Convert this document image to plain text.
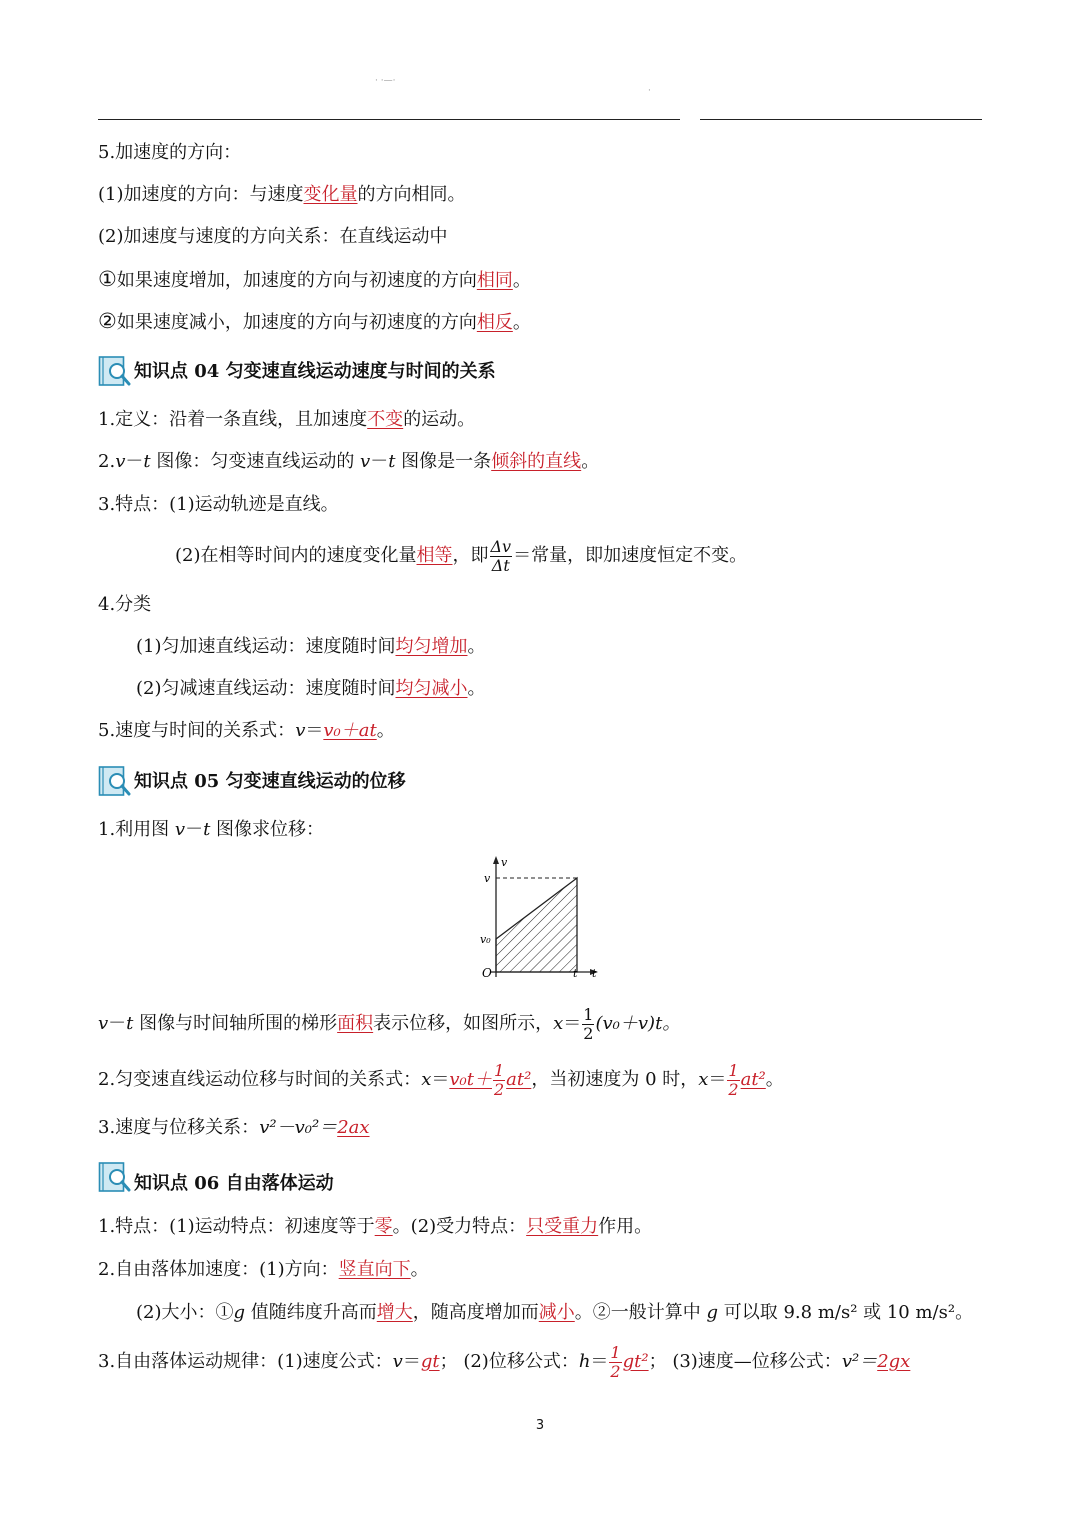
· ·—·
·
5.加速度的方向：
(1)加速度的方向：与速度变化量的方向相同。
(2)加速度与速度的方向关系：在直线运动中
①如果速度增加，加速度的方向与初速度的方向相同。
②如果速度减小，加速度的方向与初速度的方向相反。
知识点 04 匀变速直线运动速度与时间的关系
1.定义：沿着一条直线，且加速度不变的运动。
2.v－t 图像：匀变速直线运动的 v－t 图像是一条倾斜的直线。
3.特点：(1)运动轨迹是直线。
(2)在相等时间内的速度变化量相等，即 $\frac{\Delta v}{\Delta t}$ ＝常量，即加速度恒定不变。
4.分类
(1)匀加速直线运动：速度随时间均匀增加。
(2)匀减速直线运动：速度随时间均匀减小。
5.速度与时间的关系式：v＝v₀＋at。
知识点 05 匀变速直线运动的位移
1.利用图 v－t 图像求位移：
v
v
v₀
O	t t
v－t 图像与时间轴所围的梯形面积表示位移，如图所示，$x= \frac{1}{2} (v_0+v)t$。
2.匀变速直线运动位移与时间的关系式：$x=v_0t+ \frac{1}{2} at^2$，当初速度为 0 时，$x= \frac{1}{2} at^2$。
3.速度与位移关系：v²－v₀²＝2ax
知识点 06 自由落体运动
1.特点：(1)运动特点：初速度等于零。(2)受力特点：只受重力作用。
2.自由落体加速度：(1)方向：竖直向下。
(2)大小：①g 值随纬度升高而增大，随高度增加而减小。②一般计算中 g 可以取 9.8 m/s² 或 10 m/s²。
3.自由落体运动规律：(1)速度公式：v＝gt； (2)位移公式：$h= \frac{1}{2} gt^2$； (3)速度—位移公式：v²＝2gx
3
